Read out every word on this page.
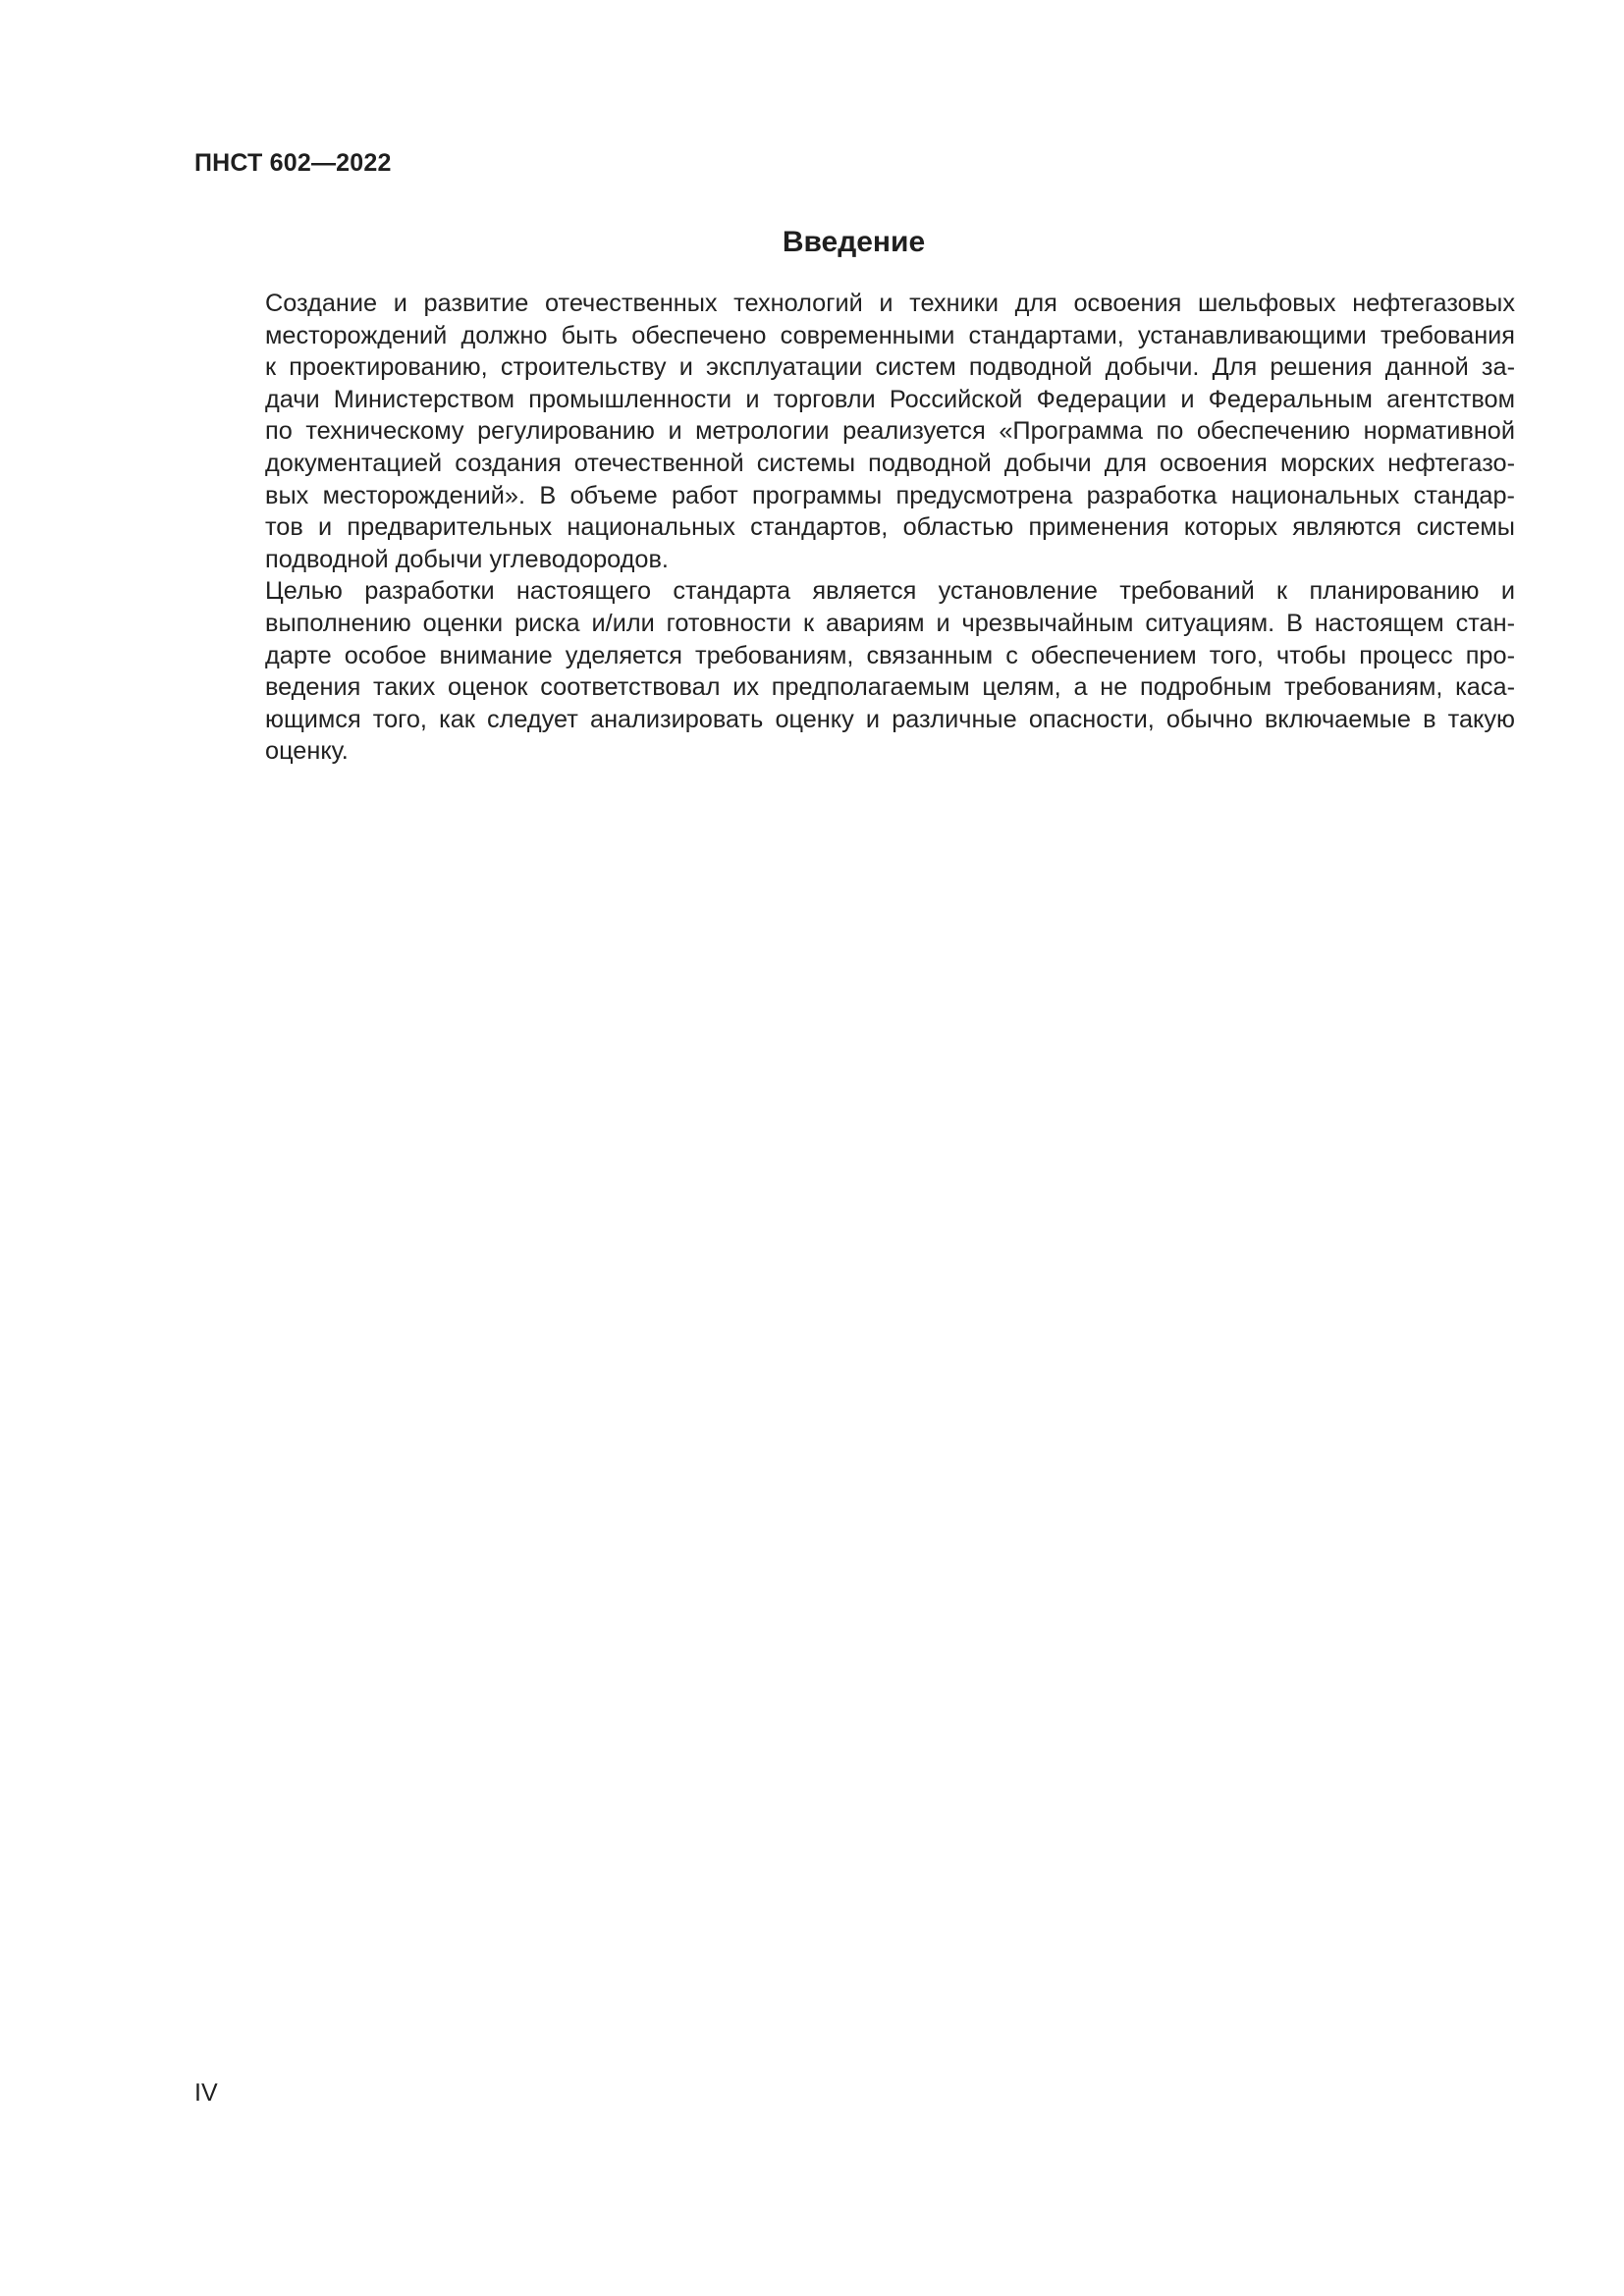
ПНСТ 602—2022
Введение

Создание и развитие отечественных технологий и техники для освоения шельфовых нефтегазовых
месторождений должно быть обеспечено современными стандартами, устанавливающими требования
к проектированию, строительству и эксплуатации систем подводной добычи. Для решения данной за-
дачи Министерством промышленности и торговли Российской Федерации и Федеральным агентством
по техническому регулированию и метрологии реализуется «Программа по обеспечению нормативной
документацией создания отечественной системы подводной добычи для освоения морских нефтегазо-
вых месторождений». В объеме работ программы предусмотрена разработка национальных стандар-
тов и предварительных национальных стандартов, областью применения которых являются системы
подводной добычи углеводородов.

Целью разработки настоящего стандарта является установление требований к планированию и
выполнению оценки риска и/или готовности к авариям и чрезвычайным ситуациям. В настоящем стан-
дарте особое внимание уделяется требованиям, связанным с обеспечением того, чтобы процесс про-
ведения таких оценок соответствовал их предполагаемым целям, а не подробным требованиям, каса-
ющимся того, как следует анализировать оценку и различные опасности, обычно включаемые в такую
оценку.

IV
